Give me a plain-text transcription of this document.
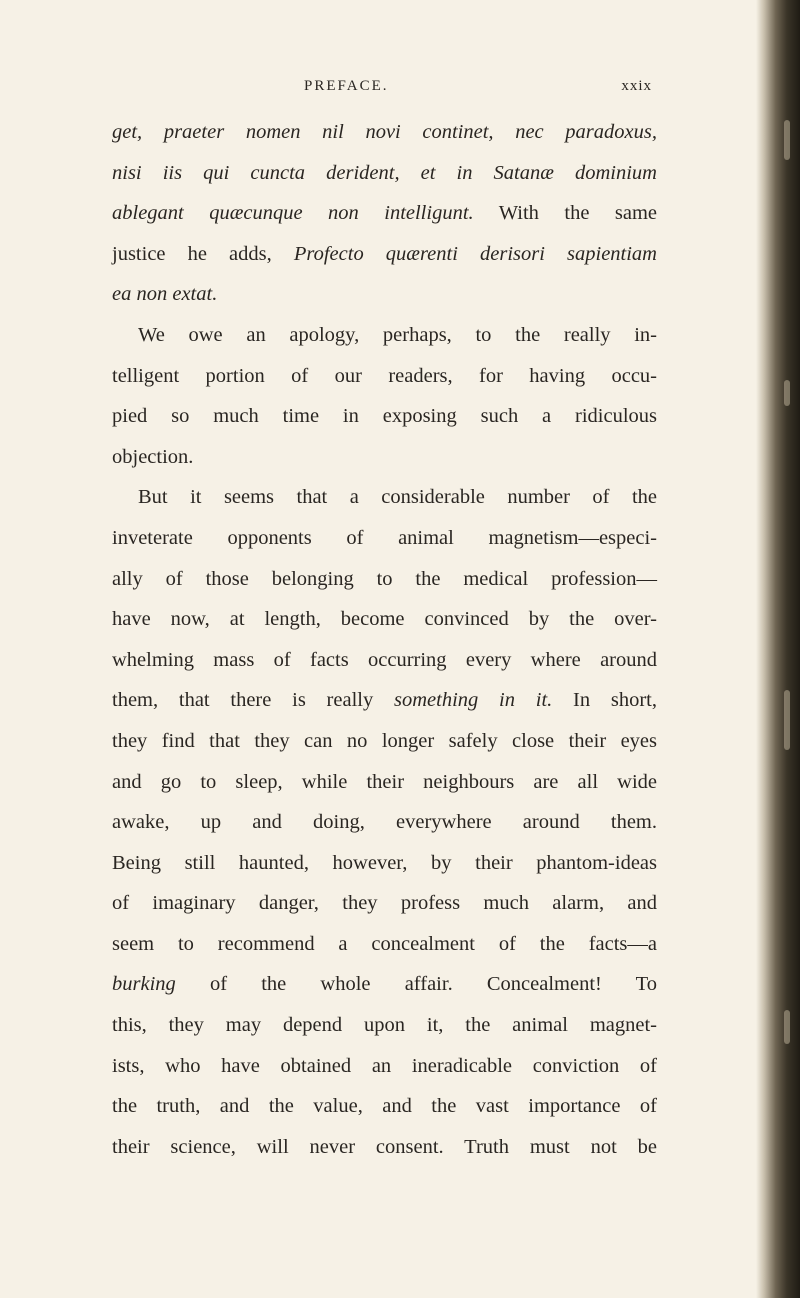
PREFACE.	xxix
get, praeter nomen nil novi continet, nec paradoxus,
nisi iis qui cuncta derident, et in Satanæ dominium
ablegant quæcunque non intelligunt. With the same
justice he adds, Profecto quærenti derisori sapientiam
ea non extat.
We owe an apology, perhaps, to the really in-
telligent portion of our readers, for having occu-
pied so much time in exposing such a ridiculous
objection.
But it seems that a considerable number of the
inveterate opponents of animal magnetism—especi-
ally of those belonging to the medical profession—
have now, at length, become convinced by the over-
whelming mass of facts occurring every where around
them, that there is really something in it. In short,
they find that they can no longer safely close their eyes
and go to sleep, while their neighbours are all wide
awake, up and doing, everywhere around them.
Being still haunted, however, by their phantom-ideas
of imaginary danger, they profess much alarm, and
seem to recommend a concealment of the facts—a
burking of the whole affair. Concealment! To
this, they may depend upon it, the animal magnet-
ists, who have obtained an ineradicable conviction of
the truth, and the value, and the vast importance of
their science, will never consent. Truth must not be
